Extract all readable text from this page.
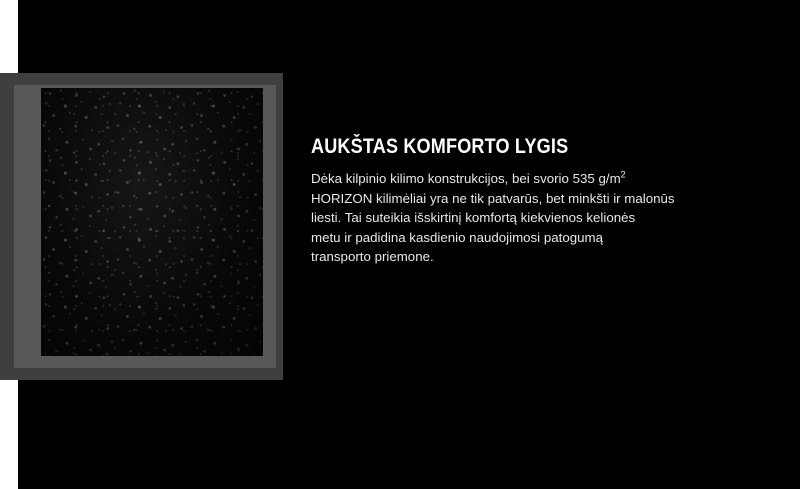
AUKŠTAS KOMFORTO LYGIS

Dėka kilpinio kilimo konstrukcijos, bei svorio 535 $g/m^2$
HORIZON kilimėliai yra ne tik patvarūs, bet minkšti ir malonūs
liesti. Tai suteikia išskirtinį komfortą kiekvienos kelionės
metu ir padidina kasdienio naudojimosi patogumą
transporto priemone.
